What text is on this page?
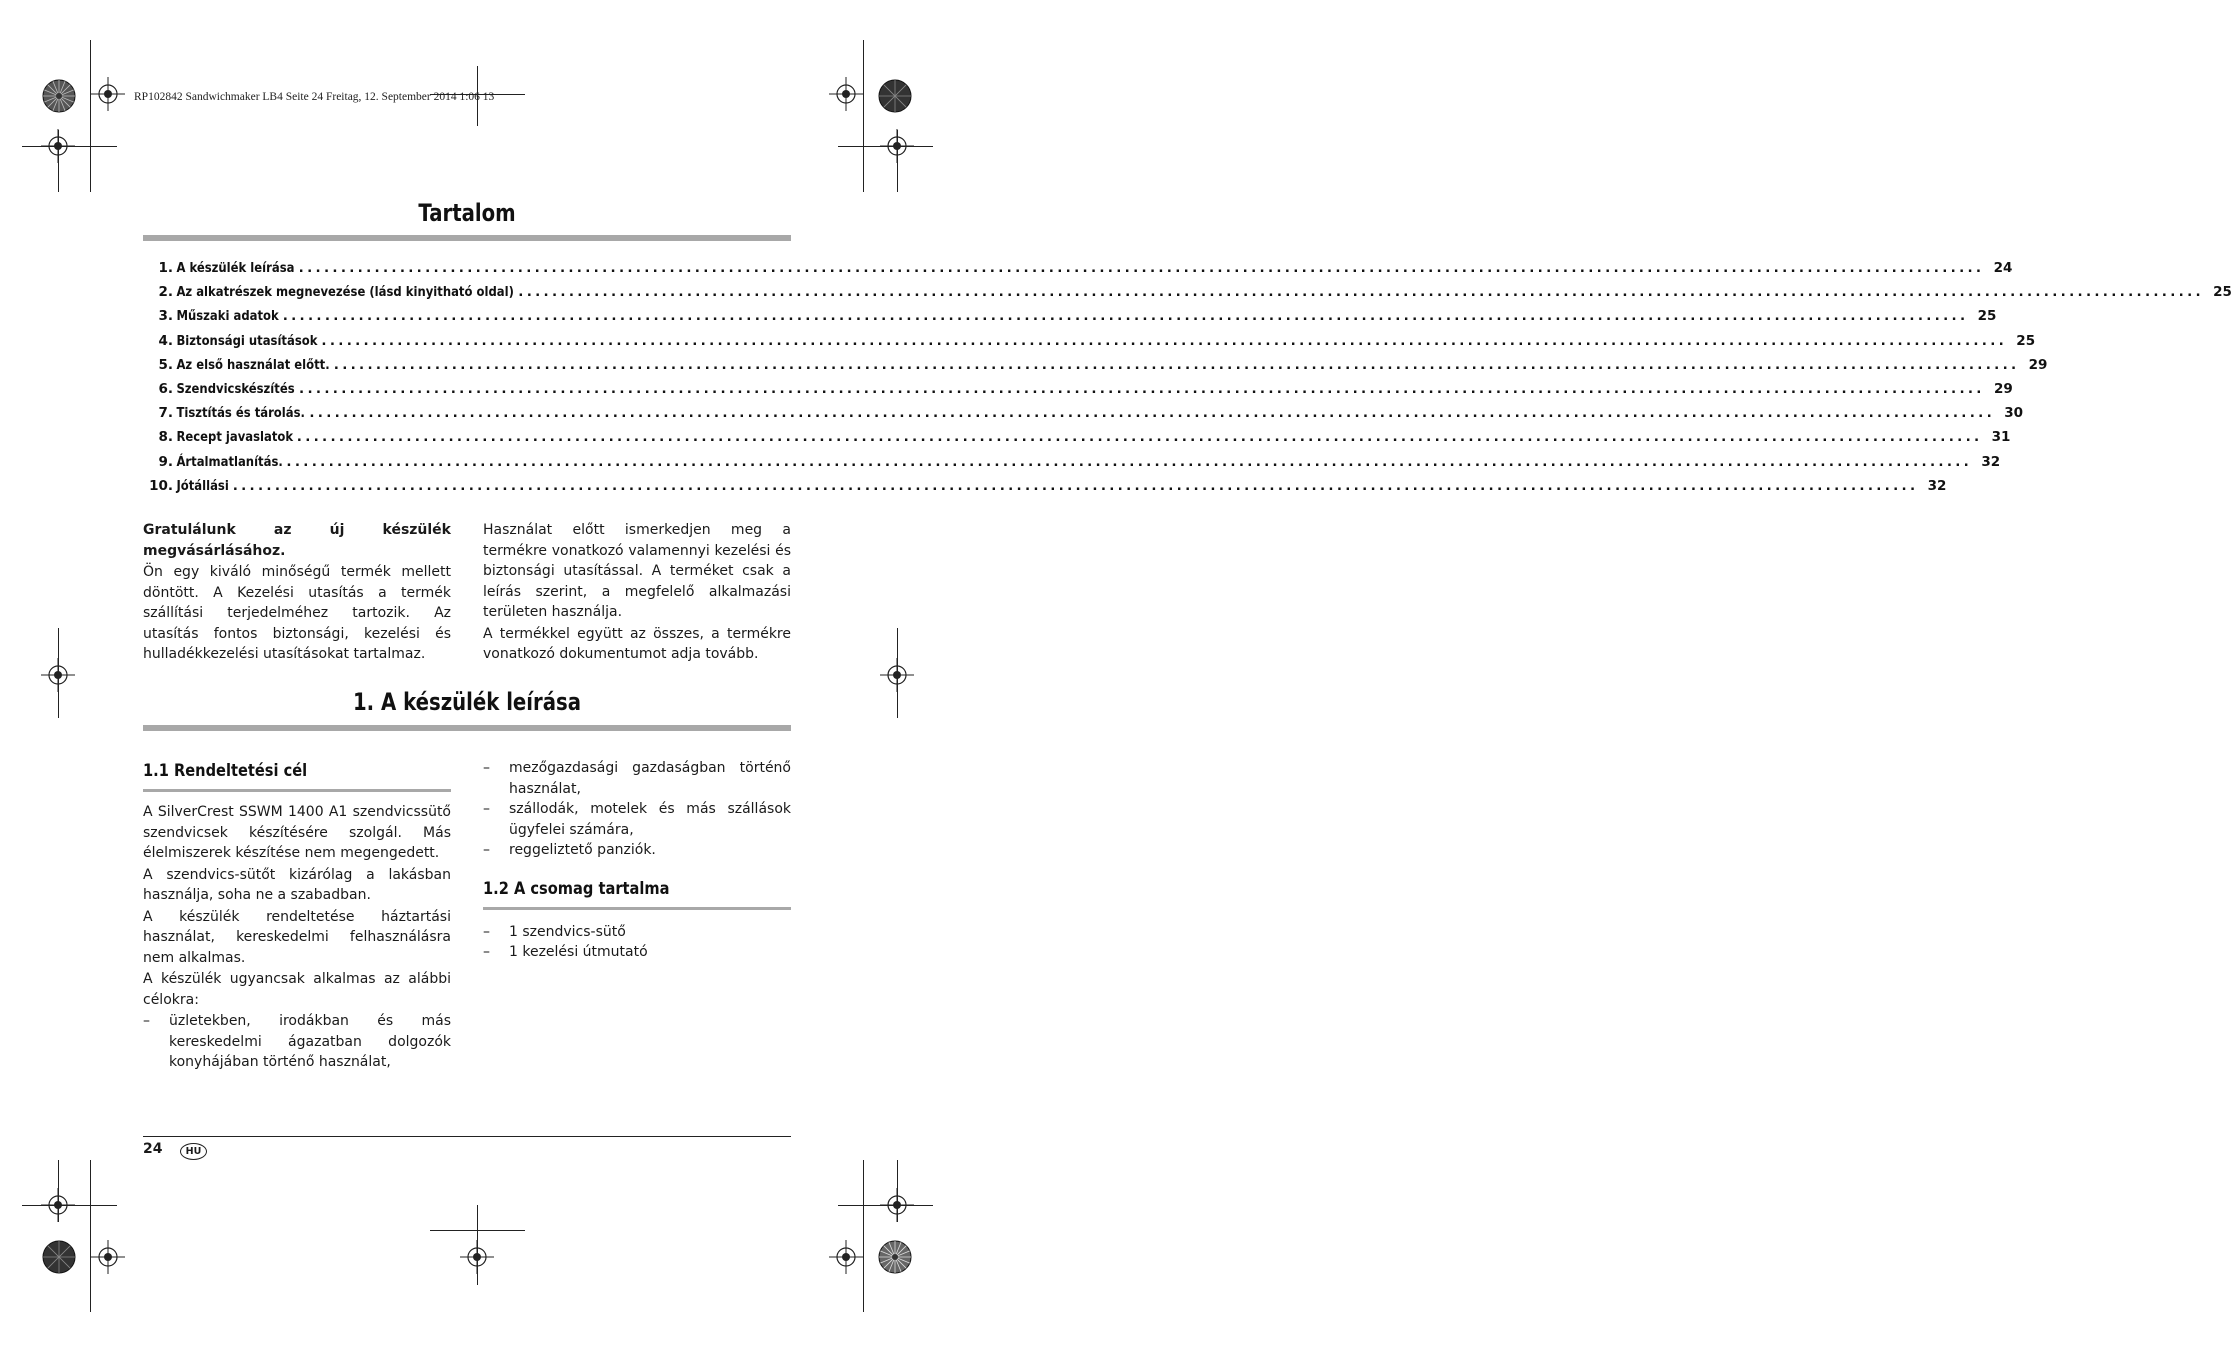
RP102842 Sandwichmaker LB4 Seite 24 Freitag, 12. September 2014 1:06 13
Tartalom
1. A készülék leírása ........................................................................................................................................................................................................ 24
2. Az alkatrészek megnevezése (lásd kinyitható oldal) ........................................................................................................................................................................................................ 25
3. Műszaki adatok ........................................................................................................................................................................................................ 25
4. Biztonsági utasítások ........................................................................................................................................................................................................ 25
5. Az első használat előtt. ........................................................................................................................................................................................................ 29
6. Szendvicskészítés ........................................................................................................................................................................................................ 29
7. Tisztítás és tárolás. ........................................................................................................................................................................................................ 30
8. Recept javaslatok ........................................................................................................................................................................................................ 31
9. Ártalmatlanítás. ........................................................................................................................................................................................................ 32
10. Jótállási ........................................................................................................................................................................................................ 32
Gratulálunk az új készülék megvásárlásához.
Ön egy kiváló minőségű termék mellett döntött. A Kezelési utasítás a termék szállítási terjedelméhez tartozik. Az utasítás fontos biztonsági, kezelési és hulladékkezelési utasításokat tartalmaz.
Használat előtt ismerkedjen meg a termékre vonatkozó valamennyi kezelési és biztonsági utasítással. A terméket csak a leírás szerint, a megfelelő alkalmazási területen használja.
A termékkel együtt az összes, a termékre vonatkozó dokumentumot adja tovább.
1. A készülék leírása
1.1 Rendeltetési cél
A SilverCrest SSWM 1400 A1 szendvicssütő szendvicsek készítésére szolgál. Más élelmiszerek készítése nem megengedett.
A szendvics-sütőt kizárólag a lakásban használja, soha ne a szabadban.
A készülék rendeltetése háztartási használat, kereskedelmi felhasználásra nem alkalmas.
A készülék ugyancsak alkalmas az alábbi célokra:
–	üzletekben, irodákban és más kereskedelmi ágazatban dolgozók konyhájában történő használat,
–	mezőgazdasági gazdaságban történő használat,
–	szállodák, motelek és más szállások ügyfelei számára,
–	reggeliztető panziók.
1.2 A csomag tartalma
–	1 szendvics-sütő
–	1 kezelési útmutató
24	HU
